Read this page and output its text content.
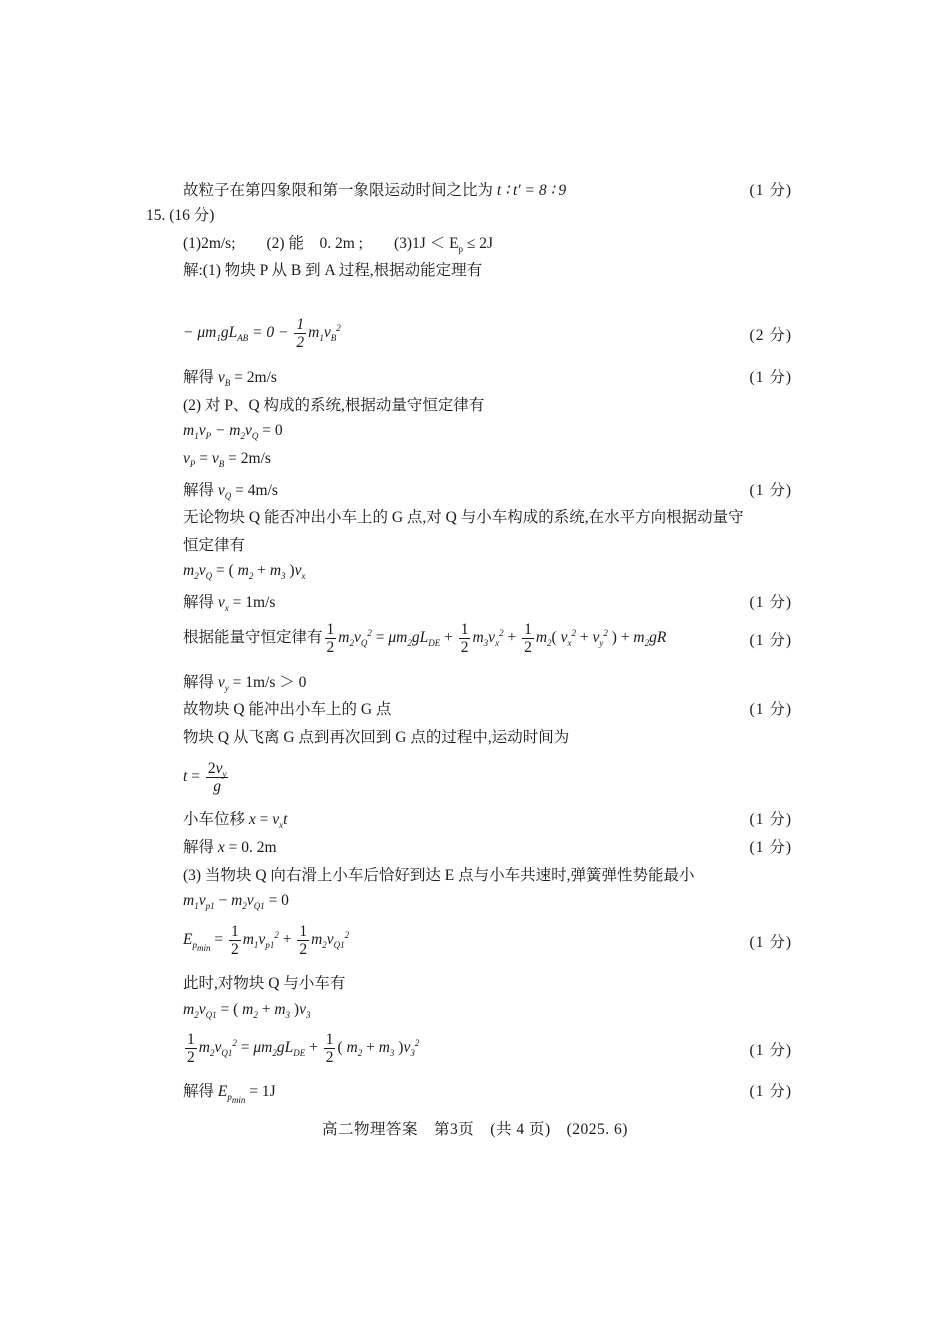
故粒子在第四象限和第一象限运动时间之比为 t ∶ t′ = 8 ∶ 9	(1 分)
15. (16 分)
(1)2m/s;　　(2) 能　0. 2m ;　　$(3)1J < E_p \le 2J$
解:(1) 物块 P 从 B 到 A 过程,根据动能定理有
− $\mu m_1gL_{AB} = 0 - \frac{1}{2} m_1v_B^2$	(2 分)
解得 $v_B = 2m/s$	(1 分)
(2) 对 P、Q 构成的系统,根据动量守恒定律有
$m_1v_P - m_2v_Q = 0$
$v_P = v_B = 2m/s$
解得 $v_Q = 4m/s$	(1 分)
无论物块 Q 能否冲出小车上的 G 点,对 Q 与小车构成的系统,在水平方向根据动量守
恒定律有
$m_2v_Q$ = ( $m_2 + m_3$ )$v_x$
解得 $v_x = 1m/s$	(1 分)
根据能量守恒定律有 $\frac{1}{2} m_2v_Q^2 = \mu m_2gL_{DE} + \frac{1}{2} m_3v_x^2 + \frac{1}{2} m_2$( $v_x^2 + v_y^2$ ) + $m_2gR$	(1 分)
解得 $v_y = 1m/s > 0$
故物块 Q 能冲出小车上的 G 点	(1 分)
物块 Q 从飞离 G 点到再次回到 G 点的过程中,运动时间为
$t = \frac{2v_y}{g}$
小车位移 $x = v_xt$	(1 分)
解得 x = 0. 2m	(1 分)
(3) 当物块 Q 向右滑上小车后恰好到达 E 点与小车共速时,弹簧弹性势能最小
$m_1v_{p1} - m_2v_{Q1} = 0$
$E_{p_{min}} = \frac{1}{2} m_1v_{p1}^2 + \frac{1}{2} m_2v_{Q1}^2$	(1 分)
此时,对物块 Q 与小车有
$m_2v_{Q1}$ = ( $m_2 + m_3$ )$v_3$
$\frac{1}{2} m_2v_{Q1}^2 = \mu m_2gL_{DE} + \frac{1}{2}$ ( $m_2 + m_3$ )$v_3^2$	(1 分)
解得 $E_{p_{min}} = 1J$	(1 分)
高二物理答案　第3页　(共 4 页)　(2025. 6)
